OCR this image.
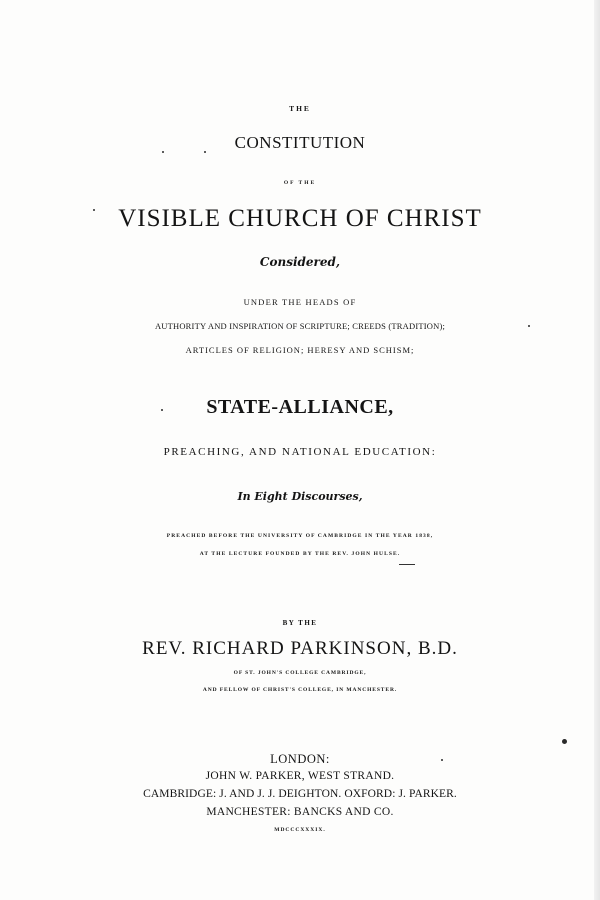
THE
CONSTITUTION
OF THE
VISIBLE CHURCH OF CHRIST
Considered,
UNDER THE HEADS OF
AUTHORITY AND INSPIRATION OF SCRIPTURE; CREEDS (TRADITION);
ARTICLES OF RELIGION; HERESY AND SCHISM;
STATE-ALLIANCE,
PREACHING, AND NATIONAL EDUCATION:
In Eight Discourses,
PREACHED BEFORE THE UNIVERSITY OF CAMBRIDGE IN THE YEAR 1838,
AT THE LECTURE FOUNDED BY THE REV. JOHN HULSE.
BY THE
REV. RICHARD PARKINSON, B.D.
OF ST. JOHN'S COLLEGE CAMBRIDGE,
AND FELLOW OF CHRIST'S COLLEGE, IN MANCHESTER.
LONDON:
JOHN W. PARKER, WEST STRAND.
CAMBRIDGE: J. AND J. J. DEIGHTON. OXFORD: J. PARKER.
MANCHESTER: BANCKS AND CO.
MDCCCXXXIX.
